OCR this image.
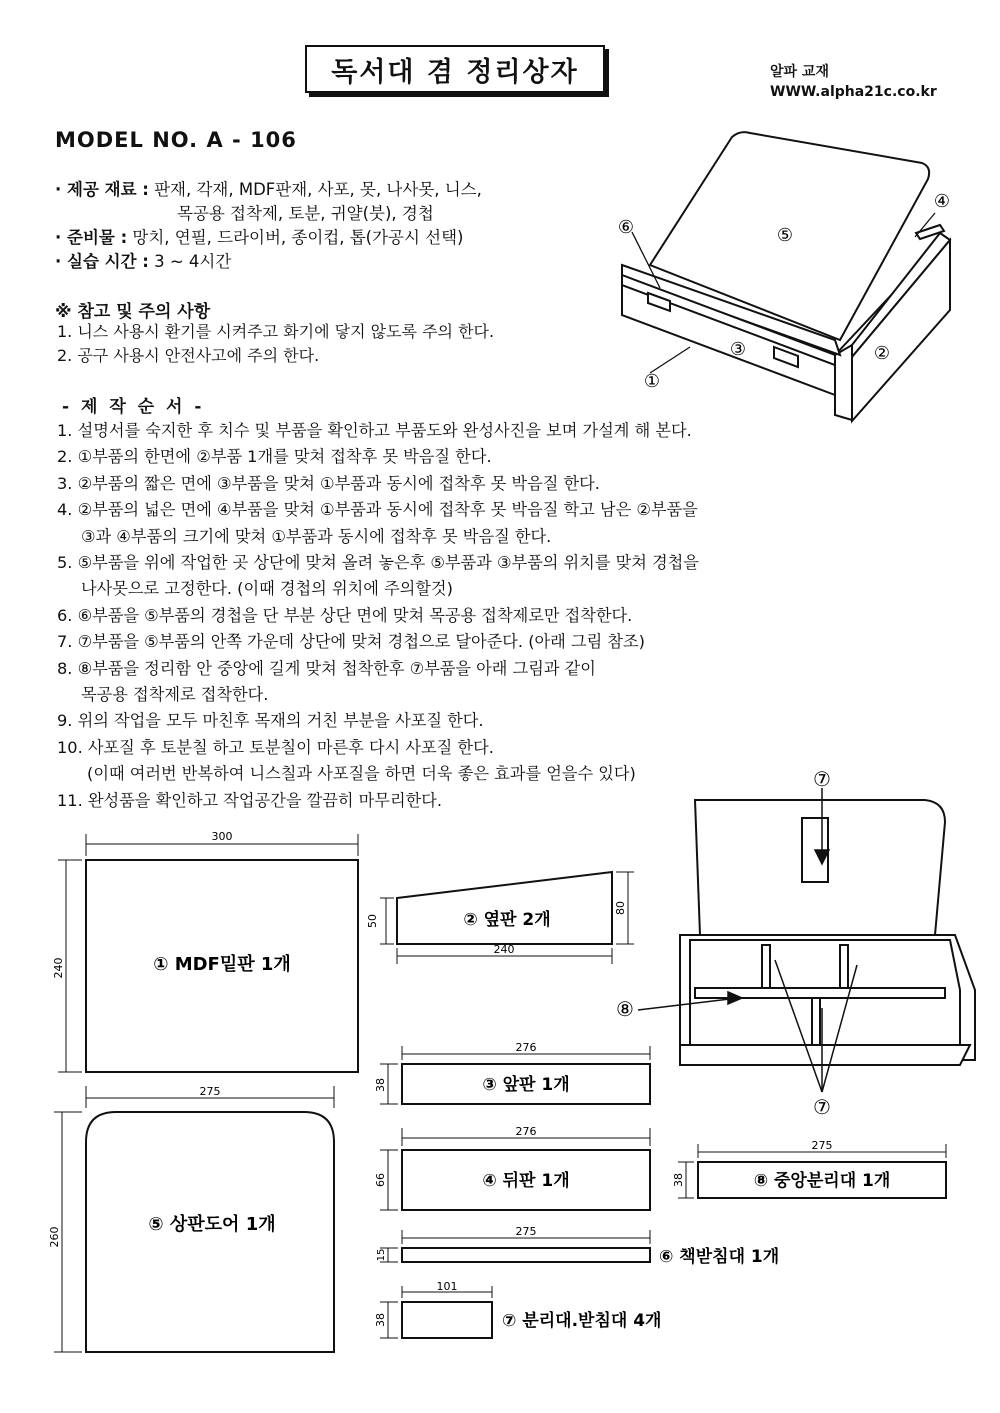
독서대 겸 정리상자	알파 교재
WWW.alpha21c.co.kr
MODEL NO. A - 106
· 제공 재료 : 판재, 각재, MDF판재, 사포, 못, 나사못, 니스,
목공용 접착제, 토분, 귀얄(붓), 경첩
· 준비물 : 망치, 연필, 드라이버, 종이컵, 톱(가공시 선택)
· 실습 시간 : 3 ~ 4시간
※ 참고 및 주의 사항
1. 니스 사용시 환기를 시켜주고 화기에 닿지 않도록 주의 한다.
2. 공구 사용시 안전사고에 주의 한다.
- 제 작 순 서 -
1. 설명서를 숙지한 후 치수 및 부품을 확인하고 부품도와 완성사진을 보며 가설계 해 본다.
2. ①부품의 한면에 ②부품 1개를 맞쳐 접착후 못 박음질 한다.
3. ②부품의 짧은 면에 ③부품을 맞쳐 ①부품과 동시에 접착후 못 박음질 한다.
4. ②부품의 넓은 면에 ④부품을 맞쳐 ①부품과 동시에 접착후 못 박음질 학고 남은 ②부품을
③과 ④부품의 크기에 맞쳐 ①부품과 동시에 접착후 못 박음질 한다.
5. ⑤부품을 위에 작업한 곳 상단에 맞쳐 올려 놓은후 ⑤부품과 ③부품의 위치를 맞쳐 경첩을
나사못으로 고정한다. (이때 경첩의 위치에 주의할것)
6. ⑥부품을 ⑤부품의 경첩을 단 부분 상단 면에 맞쳐 목공용 접착제로만 접착한다.
7. ⑦부품을 ⑤부품의 안쪽 가운데 상단에 맞쳐 경첩으로 달아준다. (아래 그림 참조)
8. ⑧부품을 정리함 안 중앙에 길게 맞쳐 첩착한후 ⑦부품을 아래 그림과 같이
목공용 접착제로 접착한다.
9. 위의 작업을 모두 마친후 목재의 거친 부분을 사포질 한다.
10. 사포질 후 토분칠 하고 토분칠이 마른후 다시 사포질 한다.
(이때 여러번 반복하여 니스칠과 사포질을 하면 더욱 좋은 효과를 얻을수 있다)
11. 완성품을 확인하고 작업공간을 깔끔히 마무리한다.
⑥
④
⑤
③	②
①
⑦
⑧
⑦
300
240	① MDF밑판 1개
50
80
240
② 옆판 2개
276
38	③ 앞판 1개
276
66	④ 뒤판 1개
275
38	⑧ 중앙분리대 1개
275
260
⑤ 상판도어 1개	275
15	⑥ 책받침대 1개
101
38	⑦ 분리대.받침대 4개
